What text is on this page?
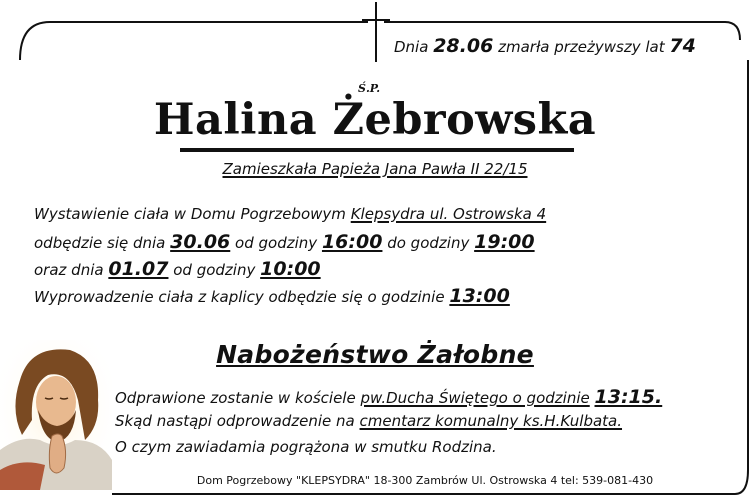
Dnia 28.06 zmarła przeżywszy lat 74
Ś.P.
Halina Żebrowska
Zamieszkała Papieża Jana Pawła II 22/15
Wystawienie ciała w Domu Pogrzebowym Klepsydra ul. Ostrowska 4
odbędzie się dnia 30.06 od godziny 16:00 do godziny 19:00
oraz dnia 01.07 od godziny 10:00
Wyprowadzenie ciała z kaplicy odbędzie się o godzinie 13:00
Nabożeństwo Żałobne
Odprawione zostanie w kościele pw.Ducha Świętego o godzinie 13:15.
Skąd nastąpi odprowadzenie na cmentarz komunalny ks.H.Kulbata.
O czym zawiadamia pogrążona w smutku Rodzina.
Dom Pogrzebowy "KLEPSYDRA" 18-300 Zambrów Ul. Ostrowska 4 tel: 539-081-430
